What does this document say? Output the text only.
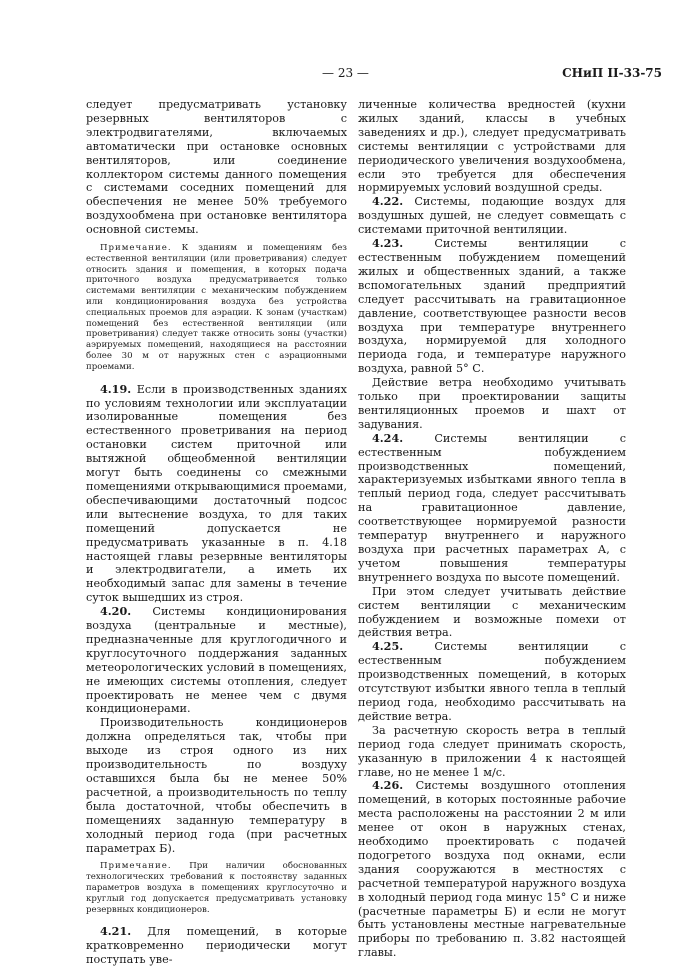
— 23 —	СНиП II-33-75

следует предусматривать установку резервных вентиляторов с электродвигателями, включаемых автоматически при остановке основных вентиляторов, или соединение коллектором системы данного помещения с системами соседних помещений для обеспечения не менее 50% требуемого воздухообмена при остановке вентилятора основной системы.

Примечание. К зданиям и помещениям без естественной вентиляции (или проветривания) следует относить здания и помещения, в которых подача приточного воздуха предусматривается только системами вентиляции с механическим побуждением или кондиционирования воздуха без устройства специальных проемов для аэрации. К зонам (участкам) помещений без естественной вентиляции (или проветривания) следует также относить зоны (участки) аэрируемых помещений, находящиеся на расстоянии более 30 м от наружных стен с аэрационными проемами.

4.19. Если в производственных зданиях по условиям технологии или эксплуатации изолированные помещения без естественного проветривания на период остановки систем приточной или вытяжной общеобменной вентиляции могут быть соединены со смежными помещениями открывающимися проемами, обеспечивающими достаточный подсос или вытеснение воздуха, то для таких помещений допускается не предусматривать указанные в п. 4.18 настоящей главы резервные вентиляторы и электродвигатели, а иметь их необходимый запас для замены в течение суток вышедших из строя.

4.20. Системы кондиционирования воздуха (центральные и местные), предназначенные для круглогодичного и круглосуточного поддержания заданных метеорологических условий в помещениях, не имеющих системы отопления, следует проектировать не менее чем с двумя кондиционерами.

Производительность кондиционеров должна определяться так, чтобы при выходе из строя одного из них производительность по воздуху оставшихся была бы не менее 50% расчетной, а производительность по теплу была достаточной, чтобы обеспечить в помещениях заданную температуру в холодный период года (при расчетных параметрах Б).

Примечание. При наличии обоснованных технологических требований к постоянству заданных параметров воздуха в помещениях круглосуточно и круглый год допускается предусматривать установку резервных кондиционеров.

4.21. Для помещений, в которые кратковременно периодически могут поступать уве-

личенные количества вредностей (кухни жилых зданий, классы в учебных заведениях и др.), следует предусматривать системы вентиляции с устройствами для периодического увеличения воздухообмена, если это требуется для обеспечения нормируемых условий воздушной среды.

4.22. Системы, подающие воздух для воздушных душей, не следует совмещать с системами приточной вентиляции.

4.23. Системы вентиляции с естественным побуждением помещений жилых и общественных зданий, а также вспомогательных зданий предприятий следует рассчитывать на гравитационное давление, соответствующее разности весов воздуха при температуре внутреннего воздуха, нормируемой для холодного периода года, и температуре наружного воздуха, равной 5° С.

Действие ветра необходимо учитывать только при проектировании защиты вентиляционных проемов и шахт от задувания.

4.24. Системы вентиляции с естественным побуждением производственных помещений, характеризуемых избытками явного тепла в теплый период года, следует рассчитывать на гравитационное давление, соответствующее нормируемой разности температур внутреннего и наружного воздуха при расчетных параметрах А, с учетом повышения температуры внутреннего воздуха по высоте помещений.

При этом следует учитывать действие систем вентиляции с механическим побуждением и возможные помехи от действия ветра.

4.25. Системы вентиляции с естественным побуждением производственных помещений, в которых отсутствуют избытки явного тепла в теплый период года, необходимо рассчитывать на действие ветра.

За расчетную скорость ветра в теплый период года следует принимать скорость, указанную в приложении 4 к настоящей главе, но не менее 1 м/с.

4.26. Системы воздушного отопления помещений, в которых постоянные рабочие места расположены на расстоянии 2 м или менее от окон в наружных стенах, необходимо проектировать с подачей подогретого воздуха под окнами, если здания сооружаются в местностях с расчетной температурой наружного воздуха в холодный период года минус 15° С и ниже (расчетные параметры Б) и если не могут быть установлены местные нагревательные приборы по требованию п. 3.82 настоящей главы.
